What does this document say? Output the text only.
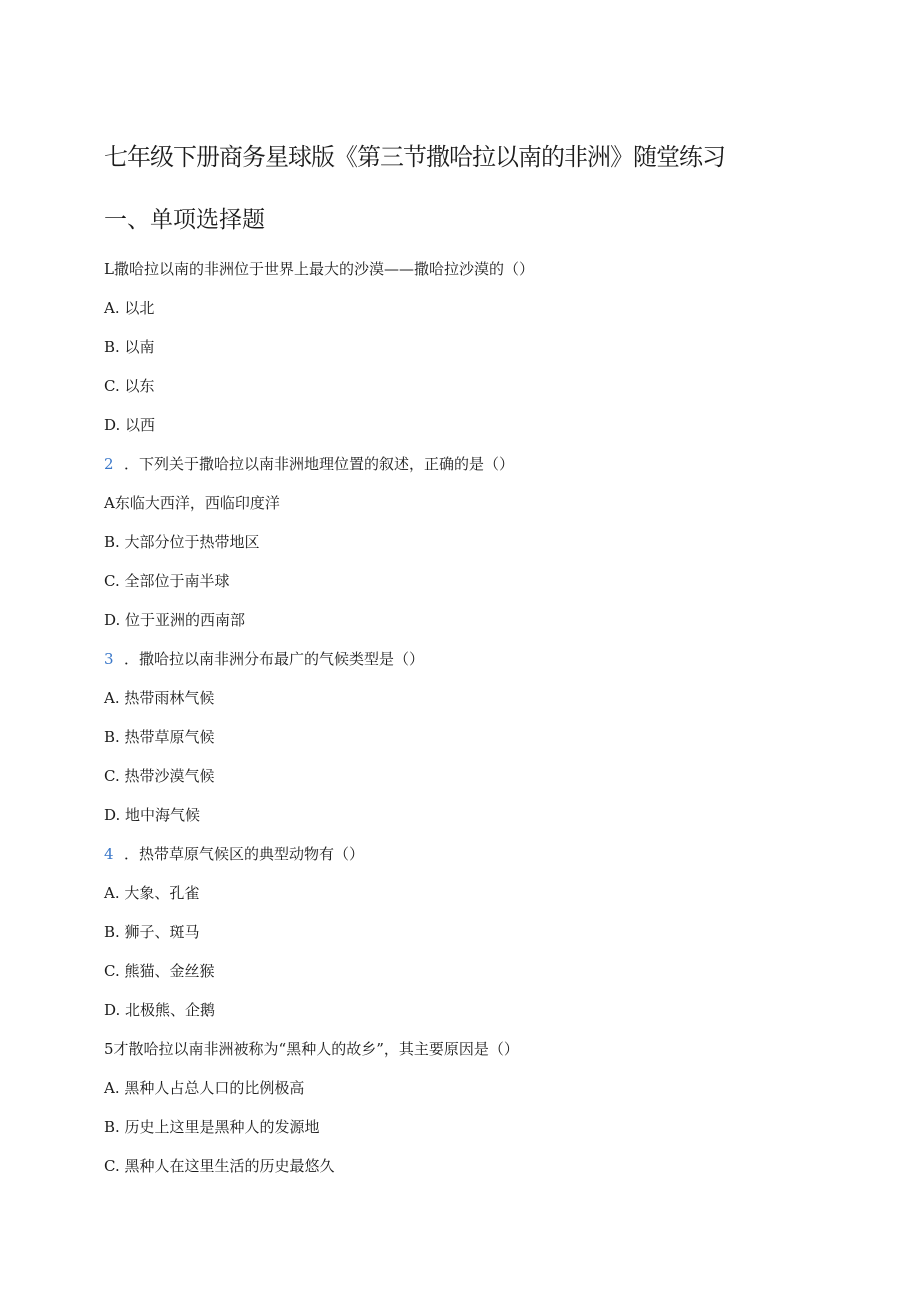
七年级下册商务星球版《第三节撒哈拉以南的非洲》随堂练习
一、单项选择题
L撒哈拉以南的非洲位于世界上最大的沙漠——撒哈拉沙漠的（）
A. 以北
B. 以南
C. 以东
D. 以西
2 ．下列关于撒哈拉以南非洲地理位置的叙述，正确的是（）
A东临大西洋，西临印度洋
B. 大部分位于热带地区
C. 全部位于南半球
D. 位于亚洲的西南部
3 ．撒哈拉以南非洲分布最广的气候类型是（）
A. 热带雨林气候
B. 热带草原气候
C. 热带沙漠气候
D. 地中海气候
4 ．热带草原气候区的典型动物有（）
A. 大象、孔雀
B. 狮子、斑马
C. 熊猫、金丝猴
D. 北极熊、企鹅
5才散哈拉以南非洲被称为“黑种人的故乡”，其主要原因是（）
A. 黑种人占总人口的比例极高
B. 历史上这里是黑种人的发源地
C. 黑种人在这里生活的历史最悠久
